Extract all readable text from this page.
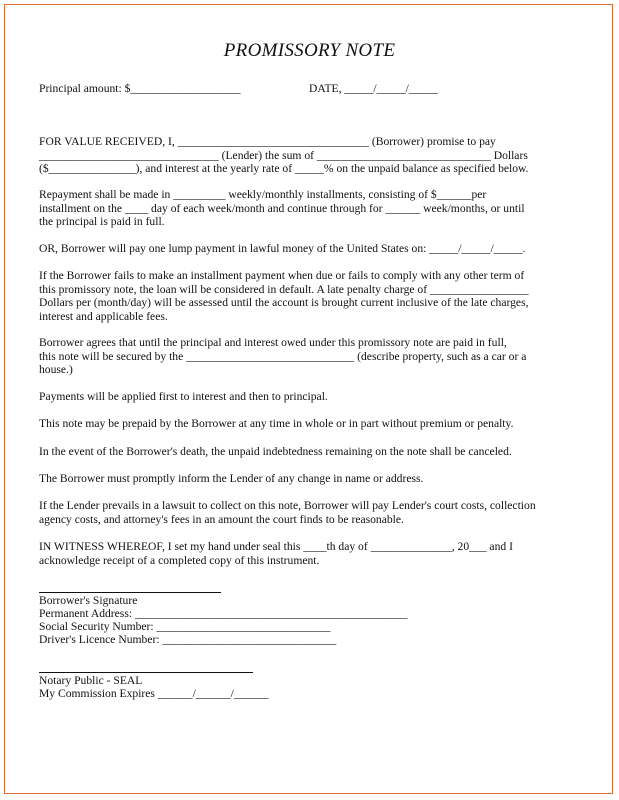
PROMISSORY NOTE
Principal amount: $___________________	DATE, _____/_____/_____
FOR VALUE RECEIVED, I, _________________________________ (Borrower) promise to pay
_______________________________ (Lender) the sum of ______________________________ Dollars
($_______________), and interest at the yearly rate of _____% on the unpaid balance as specified below.
Repayment shall be made in _________ weekly/monthly installments, consisting of $______per
installment on the ____ day of each week/month and continue through for ______ week/months, or until
the principal is paid in full.
OR, Borrower will pay one lump payment in lawful money of the United States on: _____/_____/_____.
If the Borrower fails to make an installment payment when due or fails to comply with any other term of
this promissory note, the loan will be considered in default. A late penalty charge of _________________
Dollars per (month/day) will be assessed until the account is brought current inclusive of the late charges,
interest and applicable fees.
Borrower agrees that until the principal and interest owed under this promissory note are paid in full,
this note will be secured by the _____________________________ (describe property, such as a car or a
house.)
Payments will be applied first to interest and then to principal.
This note may be prepaid by the Borrower at any time in whole or in part without premium or penalty.
In the event of the Borrower's death, the unpaid indebtedness remaining on the note shall be canceled.
The Borrower must promptly inform the Lender of any change in name or address.
If the Lender prevails in a lawsuit to collect on this note, Borrower will pay Lender's court costs, collection
agency costs, and attorney's fees in an amount the court finds to be reasonable.
IN WITNESS WHEREOF, I set my hand under seal this ____th day of ______________, 20___ and I
acknowledge receipt of a completed copy of this instrument.
Borrower's Signature
Permanent Address: _______________________________________________
Social Security Number: ______________________________
Driver's Licence Number: ______________________________
Notary Public - SEAL
My Commission Expires ______/______/______
